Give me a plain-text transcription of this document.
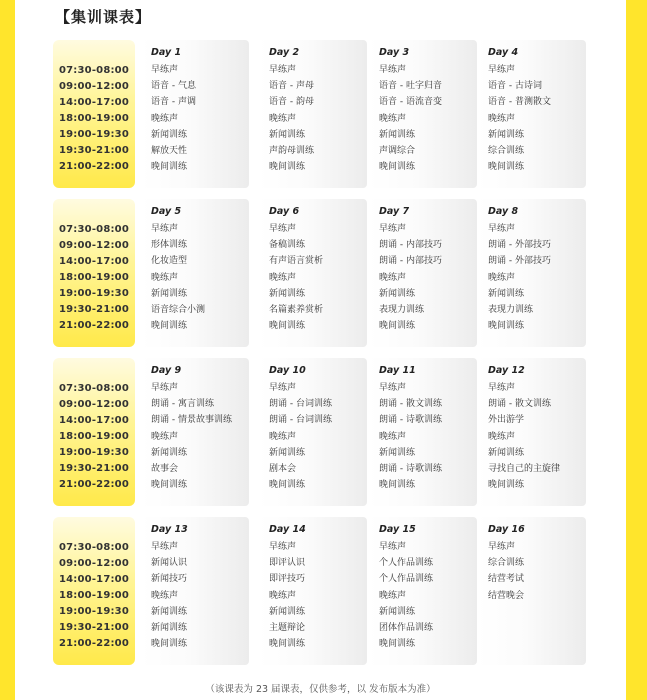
【集训课表】
07:30-08:00
09:00-12:00
14:00-17:00
18:00-19:00
19:00-19:30
19:30-21:00
21:00-22:00
Day 1
早练声
语音 - 气息
语音 - 声调
晚练声
新闻训练
解放天性
晚间训练
Day 2
早练声
语音 - 声母
语音 - 韵母
晚练声
新闻训练
声韵母训练
晚间训练
Day 3
早练声
语音 - 吐字归音
语音 - 语流音变
晚练声
新闻训练
声调综合
晚间训练
Day 4
早练声
语音 - 古诗词
语音 - 普测散文
晚练声
新闻训练
综合训练
晚间训练
07:30-08:00
09:00-12:00
14:00-17:00
18:00-19:00
19:00-19:30
19:30-21:00
21:00-22:00
Day 5
早练声
形体训练
化妆造型
晚练声
新闻训练
语音综合小测
晚间训练
Day 6
早练声
备稿训练
有声语言赏析
晚练声
新闻训练
名篇素养赏析
晚间训练
Day 7
早练声
朗诵 - 内部技巧
朗诵 - 内部技巧
晚练声
新闻训练
表现力训练
晚间训练
Day 8
早练声
朗诵 - 外部技巧
朗诵 - 外部技巧
晚练声
新闻训练
表现力训练
晚间训练
07:30-08:00
09:00-12:00
14:00-17:00
18:00-19:00
19:00-19:30
19:30-21:00
21:00-22:00
Day 9
早练声
朗诵 - 寓言训练
朗诵 - 情景故事训练
晚练声
新闻训练
故事会
晚间训练
Day 10
早练声
朗诵 - 台词训练
朗诵 - 台词训练
晚练声
新闻训练
剧本会
晚间训练
Day 11
早练声
朗诵 - 散文训练
朗诵 - 诗歌训练
晚练声
新闻训练
朗诵 - 诗歌训练
晚间训练
Day 12
早练声
朗诵 - 散文训练
外出游学
晚练声
新闻训练
寻找自己的主旋律
晚间训练
07:30-08:00
09:00-12:00
14:00-17:00
18:00-19:00
19:00-19:30
19:30-21:00
21:00-22:00
Day 13
早练声
新闻认识
新闻技巧
晚练声
新闻训练
新闻训练
晚间训练
Day 14
早练声
即评认识
即评技巧
晚练声
新闻训练
主题辩论
晚间训练
Day 15
早练声
个人作品训练
个人作品训练
晚练声
新闻训练
团体作品训练
晚间训练
Day 16
早练声
综合训练
结营考试
结营晚会
（该课表为 23 届课表，仅供参考，以 发布版本为准）
